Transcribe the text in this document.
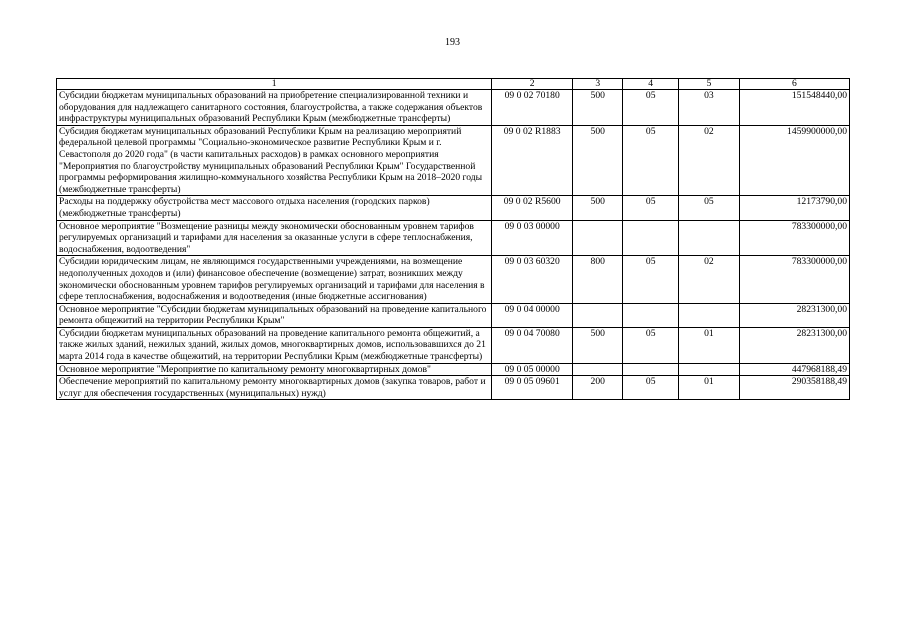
193
1	2	3	4	5	6
Субсидии бюджетам муниципальных образований на приобретение специализированной техники и оборудования для надлежащего санитарного состояния, благоустройства, а также содержания объектов инфраструктуры муниципальных образований Республики Крым (межбюджетные трансферты)	09 0 02 70180	500	05	03	151548440,00
Субсидия бюджетам муниципальных образований Республики Крым на реализацию мероприятий федеральной целевой программы "Социально-экономическое развитие Республики Крым и г. Севастополя до 2020 года" (в части капитальных расходов) в рамках основного мероприятия "Мероприятия по благоустройству муниципальных образований Республики Крым" Государственной программы реформирования жилищно-коммунального хозяйства Республики Крым на 2018–2020 годы (межбюджетные трансферты)	09 0 02 R1883	500	05	02	1459900000,00
Расходы на поддержку обустройства мест массового отдыха населения (городских парков) (межбюджетные трансферты)	09 0 02 R5600	500	05	05	12173790,00
Основное мероприятие "Возмещение разницы между экономически обоснованным уровнем тарифов регулируемых организаций и тарифами для населения за оказанные услуги в сфере теплоснабжения, водоснабжения, водоотведения"	09 0 03 00000				783300000,00
Субсидии юридическим лицам, не являющимся государственными учреждениями, на возмещение недополученных доходов и (или) финансовое обеспечение (возмещение) затрат, возникших между экономически обоснованным уровнем тарифов регулируемых организаций и тарифами для населения в сфере теплоснабжения, водоснабжения и водоотведения (иные бюджетные ассигнования)	09 0 03 60320	800	05	02	783300000,00
Основное мероприятие "Субсидии бюджетам муниципальных образований на проведение капитального ремонта общежитий на территории Республики Крым"	09 0 04 00000				28231300,00
Субсидии бюджетам муниципальных образований на проведение капитального ремонта общежитий, а также жилых зданий, нежилых зданий, жилых домов, многоквартирных домов, использовавшихся до 21 марта 2014 года в качестве общежитий, на территории Республики Крым (межбюджетные трансферты)	09 0 04 70080	500	05	01	28231300,00
Основное мероприятие "Мероприятие по капитальному ремонту многоквартирных домов"	09 0 05 00000				447968188,49
Обеспечение мероприятий по капитальному ремонту многоквартирных домов (закупка товаров, работ и услуг для обеспечения государственных (муниципальных) нужд)	09 0 05 09601	200	05	01	290358188,49
